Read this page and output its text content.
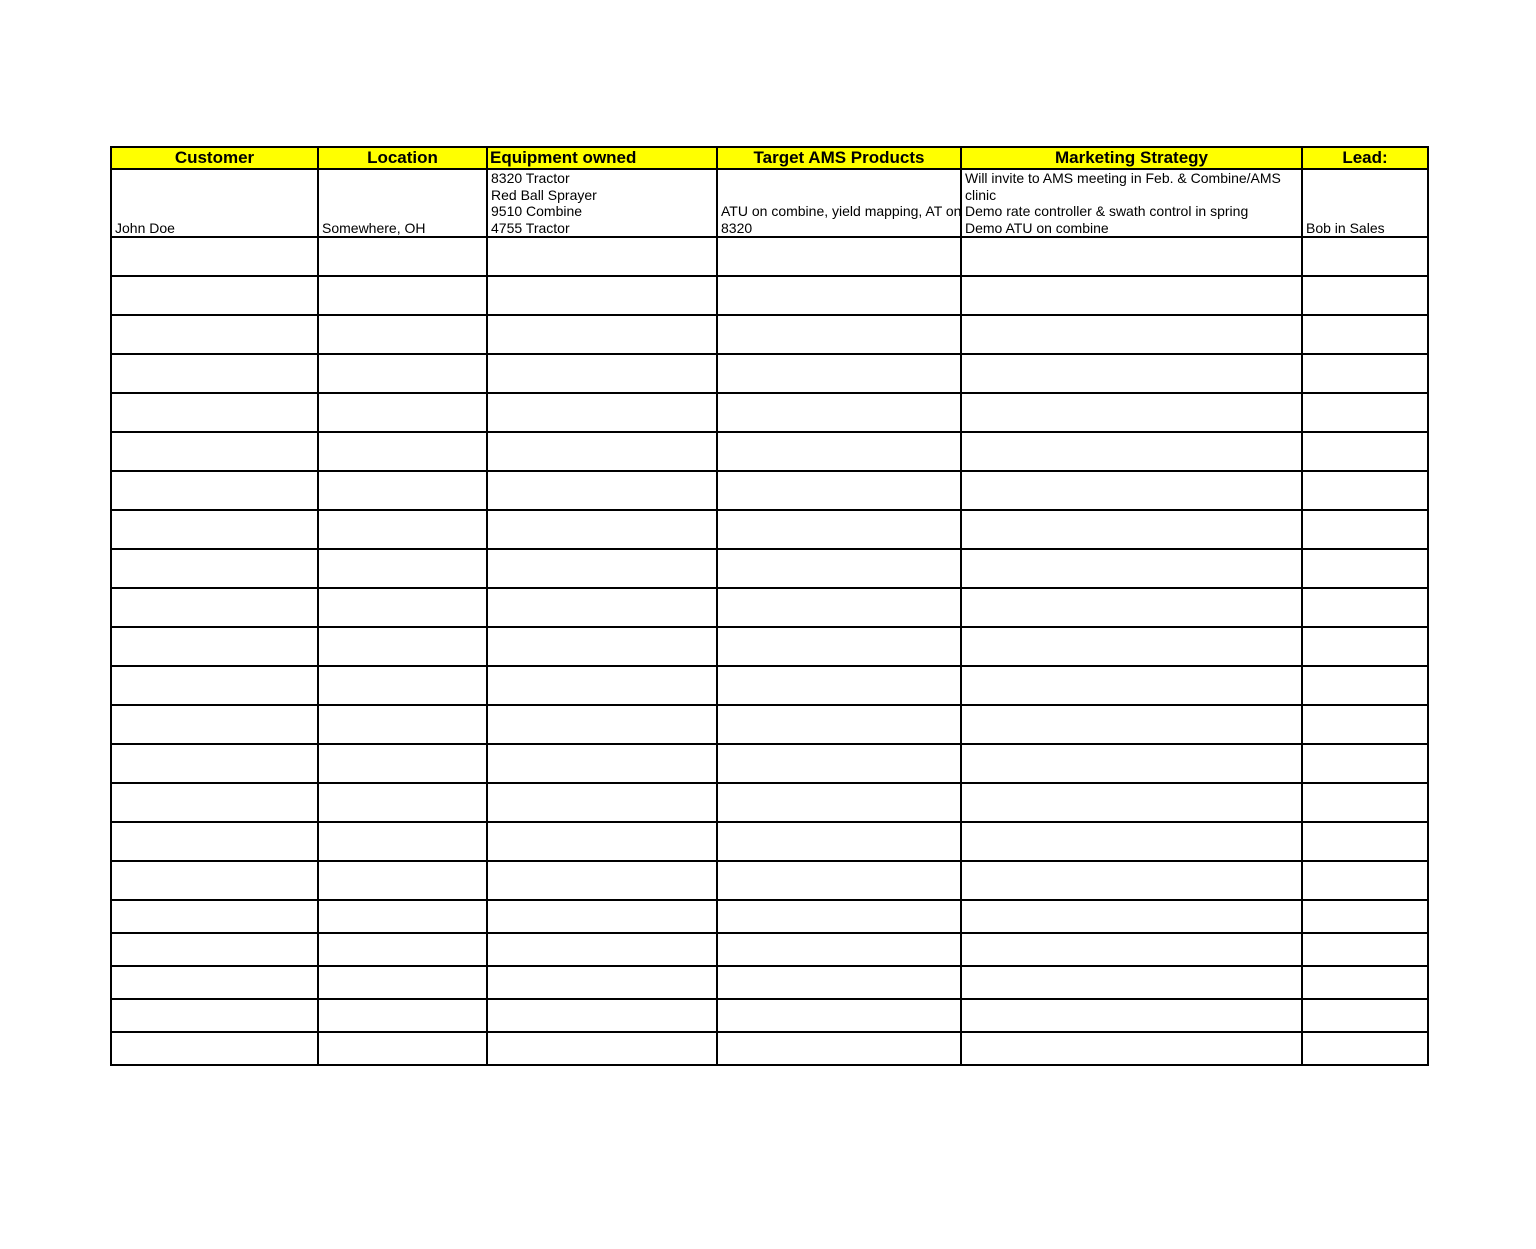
Customer	Location	Equipment owned	Target AMS Products	Marketing Strategy	Lead:

John Doe	Somewhere, OH	8320 Tractor
Red Ball Sprayer
9510 Combine
4755 Tractor	ATU on combine, yield mapping, AT on
8320	Will invite to AMS meeting in Feb. & Combine/AMS
clinic
Demo rate controller & swath control in spring
Demo ATU on combine	Bob in Sales
